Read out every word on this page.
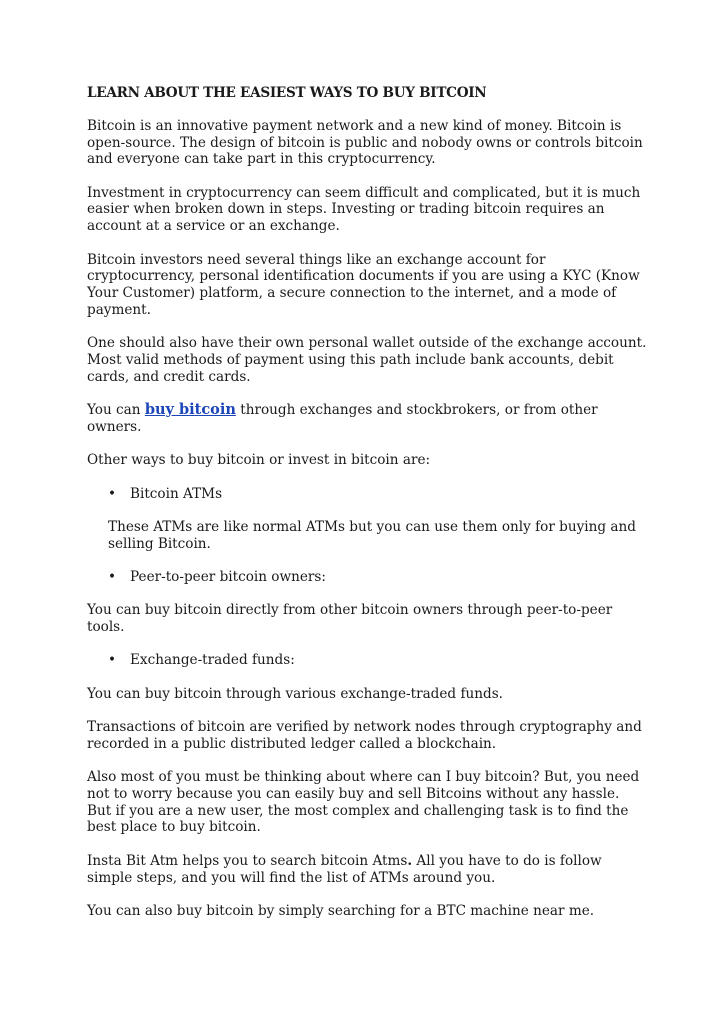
LEARN ABOUT THE EASIEST WAYS TO BUY BITCOIN

Bitcoin is an innovative payment network and a new kind of money. Bitcoin is open-source. The design of bitcoin is public and nobody owns or controls bitcoin and everyone can take part in this cryptocurrency.

Investment in cryptocurrency can seem difficult and complicated, but it is much easier when broken down in steps. Investing or trading bitcoin requires an account at a service or an exchange.

Bitcoin investors need several things like an exchange account for cryptocurrency, personal identification documents if you are using a KYC (Know Your Customer) platform, a secure connection to the internet, and a mode of payment.

One should also have their own personal wallet outside of the exchange account. Most valid methods of payment using this path include bank accounts, debit cards, and credit cards.

You can buy bitcoin through exchanges and stockbrokers, or from other owners.

Other ways to buy bitcoin or invest in bitcoin are:

• Bitcoin ATMs

These ATMs are like normal ATMs but you can use them only for buying and selling Bitcoin.

• Peer-to-peer bitcoin owners:

You can buy bitcoin directly from other bitcoin owners through peer-to-peer tools.

• Exchange-traded funds:

You can buy bitcoin through various exchange-traded funds.

Transactions of bitcoin are verified by network nodes through cryptography and recorded in a public distributed ledger called a blockchain.

Also most of you must be thinking about where can I buy bitcoin? But, you need not to worry because you can easily buy and sell Bitcoins without any hassle. But if you are a new user, the most complex and challenging task is to find the best place to buy bitcoin.

Insta Bit Atm helps you to search bitcoin Atms. All you have to do is follow simple steps, and you will find the list of ATMs around you.

You can also buy bitcoin by simply searching for a BTC machine near me.
